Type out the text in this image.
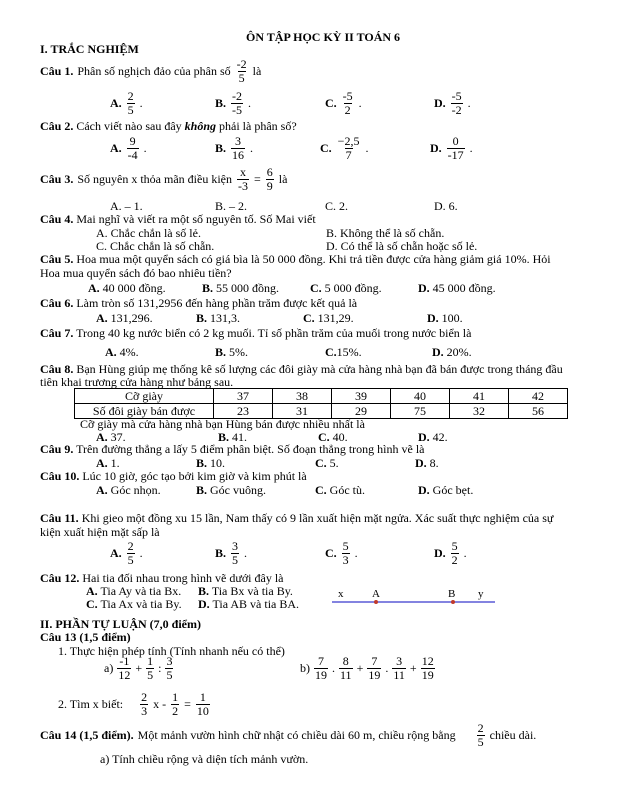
ÔN TẬP HỌC KỲ II TOÁN 6
I. TRẮC NGHIỆM
Câu 1. Phân số nghịch đảo của phân số $\frac{-2}{5}$ là
A. $\frac{2}{5}$ .	B. $\frac{-2}{-5}$ .	C. $\frac{-5}{2}$ .	D. $\frac{-5}{-2}$ .
Câu 2. Cách viết nào sau đây không phải là phân số?
A. $\frac{9}{-4}$ .	B. $\frac{3}{16}$ .	C. $\frac{-2,5}{7}$ .	D. $\frac{0}{-17}$ .
Câu 3. Số nguyên x thỏa mãn điều kiện $\frac{x}{-3} = \frac{6}{9}$ là
A. – 1.	B. – 2.	C. 2.	D. 6.
Câu 4. Mai nghĩ và viết ra một số nguyên tố. Số Mai viết
A. Chắc chắn là số lẻ.	B. Không thể là số chẵn.
C. Chắc chắn là số chẵn.	D. Có thể là số chẵn hoặc số lẻ.
Câu 5. Hoa mua một quyển sách có giá bìa là 50 000 đồng. Khi trả tiền được cửa hàng giảm giá 10%. Hỏi
Hoa mua quyển sách đó bao nhiêu tiền?
A. 40 000 đồng.	B. 55 000 đồng.	C. 5 000 đồng.	D. 45 000 đồng.
Câu 6. Làm tròn số 131,2956 đến hàng phần trăm được kết quả là
A. 131,296.	B. 131,3.	C. 131,29.	D. 100.
Câu 7. Trong 40 kg nước biển có 2 kg muối. Tỉ số phần trăm của muối trong nước biển là
A. 4%.	B. 5%.	C.15%.	D. 20%.
Câu 8. Bạn Hùng giúp mẹ thống kê số lượng các đôi giày mà cửa hàng nhà bạn đã bán được trong tháng đầu
tiên khai trương cửa hàng như bảng sau.
Cỡ giày	37	38	39	40	41	42
Số đôi giày bán được	23	31	29	75	32	56
Cỡ giày mà cửa hàng nhà bạn Hùng bán được nhiều nhất là
A. 37.	B. 41.	C. 40.	D. 42.
Câu 9. Trên đường thẳng a lấy 5 điểm phân biệt. Số đoạn thẳng trong hình vẽ là
A. 1.	B. 10.	C. 5.	D. 8.
Câu 10. Lúc 10 giờ, góc tạo bởi kim giờ và kim phút là
A. Góc nhọn.	B. Góc vuông.	C. Góc tù.	D. Góc bẹt.
Câu 11. Khi gieo một đồng xu 15 lần, Nam thấy có 9 lần xuất hiện mặt ngửa. Xác suất thực nghiệm của sự
kiện xuất hiện mặt sấp là
A. $\frac{2}{5}$ .	B. $\frac{3}{5}$ .	C. $\frac{5}{3}$ .	D. $\frac{5}{2}$ .
Câu 12. Hai tia đối nhau trong hình vẽ dưới đây là
A. Tia Ay và tia Bx. B. Tia Bx và tia By.
C. Tia Ax và tia By. D. Tia AB và tia BA.
x	A	B y
II. PHẦN TỰ LUẬN (7,0 điểm)
Câu 13 (1,5 điểm)
1. Thực hiện phép tính (Tính nhanh nếu có thể)
$a) \frac{-1}{12} + \frac{1}{5}$ : $\frac{3}{5}$	$b) \frac{7}{19}$ . $\frac{8}{11} + \frac{7}{19}$ . $\frac{3}{11} + \frac{12}{19}$
2. Tìm x biết: $\frac{2}{3}$ $x - \frac{1}{2} = \frac{1}{10}$
Câu 14 (1,5 điểm). Một mảnh vườn hình chữ nhật có chiều dài 60 m, chiều rộng bằng $\frac{2}{5}$ chiều dài.
a) Tính chiều rộng và diện tích mảnh vườn.
